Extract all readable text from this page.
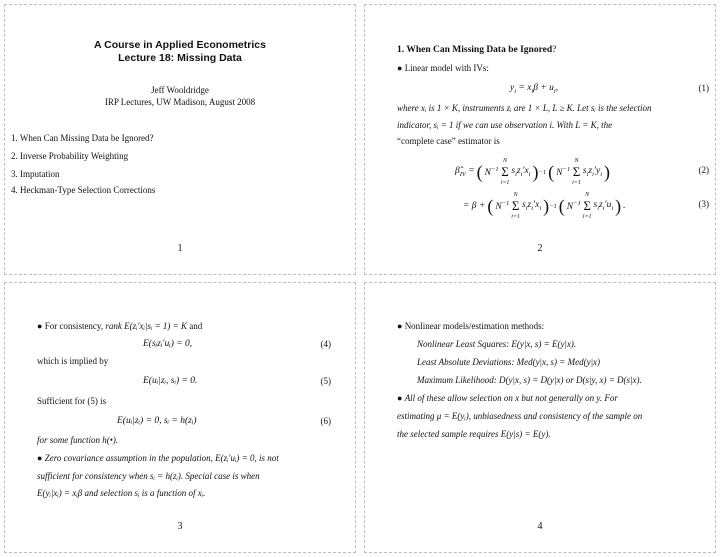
A Course in Applied Econometrics
Lecture 18: Missing Data
Jeff Wooldridge
IRP Lectures, UW Madison, August 2008
1. When Can Missing Data be Ignored?
2. Inverse Probability Weighting
3. Imputation
4. Heckman-Type Selection Corrections
1
1. When Can Missing Data be Ignored?
● Linear model with IVs:
$y_i = x_i\beta + u_i$,	(1)
where xᵢ is 1 × K, instruments zᵢ are 1 × L, L ≥ K. Let sᵢ is the selection
indicator, sᵢ = 1 if we can use observation i. With L = K, the
“complete case” estimator is
$\betâ_{IV}$ = ( $N^{-1}$
N
Σ
i=1
$s_iz_i'x_i$ ) −1 ( $N^{-1}$
N
Σ
i=1
$s_iz_i'y_i$ )	(2)
= β + ( $N^{-1}$
N
Σ
i=1
$s_iz_i'x_i$ ) −1 ( $N^{-1}$
N
Σ
i=1
$s_iz_i'u_i$ ) .	(3)
2
● For consistency, rank E(zᵢ′xᵢ|sᵢ = 1) = K and
E(sᵢzᵢ′uᵢ) = 0,	(4)
which is implied by
E(uᵢ|zᵢ, sᵢ) = 0.	(5)
Sufficient for (5) is
E(uᵢ|zᵢ) = 0, sᵢ = h(zᵢ)	(6)
for some function h(•).
● Zero covariance assumption in the population, E(zᵢ′uᵢ) = 0, is not
sufficient for consistency when sᵢ = h(zᵢ). Special case is when
E(yᵢ|xᵢ) = xᵢβ and selection sᵢ is a function of xᵢ.
3
● Nonlinear models/estimation methods:
Nonlinear Least Squares: E(y|x, s) = E(y|x).
Least Absolute Deviations: Med(y|x, s) = Med(y|x)
Maximum Likelihood: D(y|x, s) = D(y|x) or D(s|y, x) = D(s|x).
● All of these allow selection on x but not generally on y. For
estimating μ = E(yᵢ), unbiasedness and consistency of the sample on
the selected sample requires E(y|s) = E(y).
4
